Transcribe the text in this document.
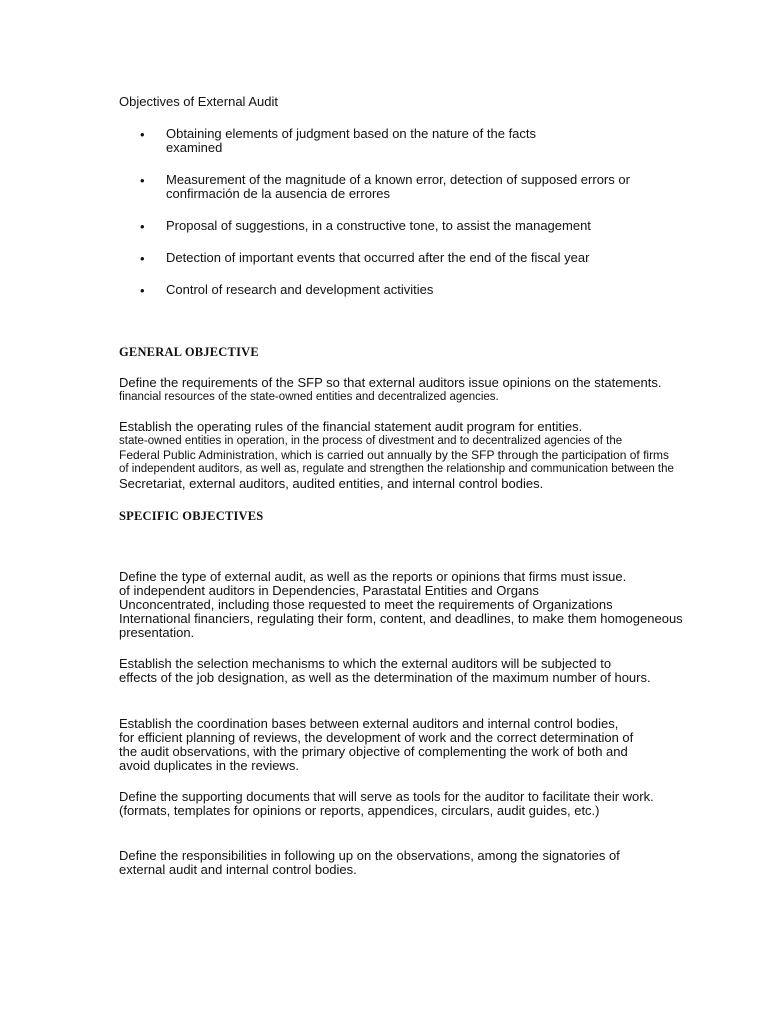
Objectives of External Audit

• Obtaining elements of judgment based on the nature of the facts
examined

• Measurement of the magnitude of a known error, detection of supposed errors or
confirmación de la ausencia de errores

• Proposal of suggestions, in a constructive tone, to assist the management

• Detection of important events that occurred after the end of the fiscal year

• Control of research and development activities

GENERAL OBJECTIVE

Define the requirements of the SFP so that external auditors issue opinions on the statements.
financial resources of the state-owned entities and decentralized agencies.

Establish the operating rules of the financial statement audit program for entities.
state-owned entities in operation, in the process of divestment and to decentralized agencies of the
Federal Public Administration, which is carried out annually by the SFP through the participation of firms
of independent auditors, as well as, regulate and strengthen the relationship and communication between the
Secretariat, external auditors, audited entities, and internal control bodies.

SPECIFIC OBJECTIVES

Define the type of external audit, as well as the reports or opinions that firms must issue.
of independent auditors in Dependencies, Parastatal Entities and Organs
Unconcentrated, including those requested to meet the requirements of Organizations
International financiers, regulating their form, content, and deadlines, to make them homogeneous
presentation.

Establish the selection mechanisms to which the external auditors will be subjected to
effects of the job designation, as well as the determination of the maximum number of hours.

Establish the coordination bases between external auditors and internal control bodies,
for efficient planning of reviews, the development of work and the correct determination of
the audit observations, with the primary objective of complementing the work of both and
avoid duplicates in the reviews.

Define the supporting documents that will serve as tools for the auditor to facilitate their work.
(formats, templates for opinions or reports, appendices, circulars, audit guides, etc.)

Define the responsibilities in following up on the observations, among the signatories of
external audit and internal control bodies.
